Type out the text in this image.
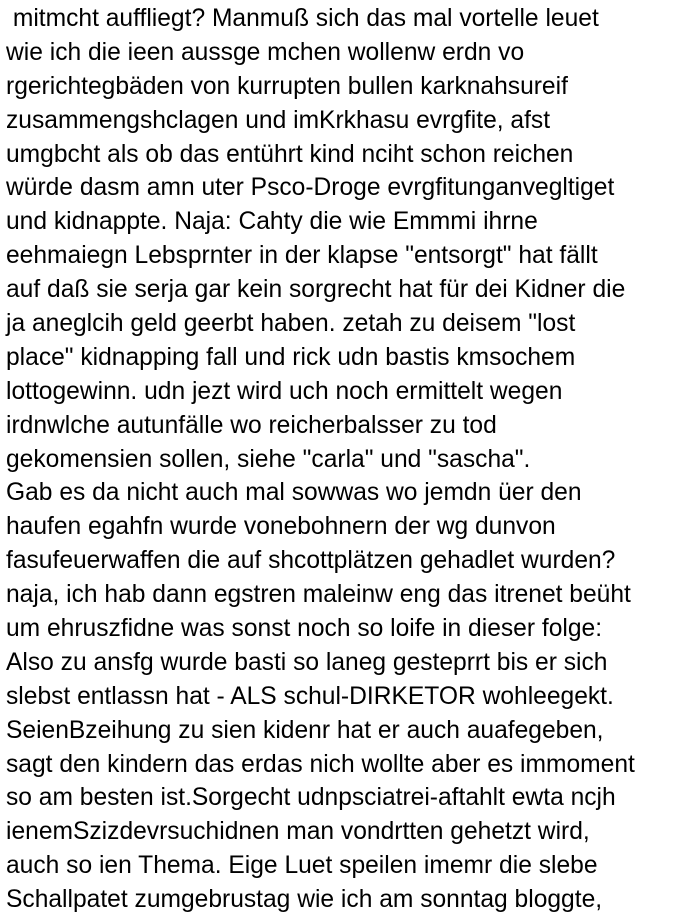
mitmcht auffliegt? Manmuß sich das mal vortelle leuet
wie ich die ieen aussge mchen wollenw erdn vo
rgerichtegbäden von kurrupten bullen karknahsureif
zusammengshclagen und imKrkhasu evrgfite, afst
umgbcht als ob das entührt kind nciht schon reichen
würde dasm amn uter Psco-Droge evrgfitunganvegltiget
und kidnappte. Naja: Cahty die wie Emmmi ihrne
eehmaiegn Lebsprnter in der klapse "entsorgt" hat fällt
auf daß sie serja gar kein sorgrecht hat für dei Kidner die
ja aneglcih geld geerbt haben. zetah zu deisem "lost
place" kidnapping fall und rick udn bastis kmsochem
lottogewinn. udn jezt wird uch noch ermittelt wegen
irdnwlche autunfälle wo reicherbalsser zu tod
gekomensien sollen, siehe "carla" und "sascha".
Gab es da nicht auch mal sowwas wo jemdn üer den
haufen egahfn wurde vonebohnern der wg dunvon
fasufeuerwaffen die auf shcottplätzen gehadlet wurden?
naja, ich hab dann egstren maleinw eng das itrenet beüht
um ehruszfidne was sonst noch so loife in dieser folge:
Also zu ansfg wurde basti so laneg gesteprrt bis er sich
slebst entlassn hat - ALS schul-DIRKETOR wohleegekt.
SeienBzeihung zu sien kidenr hat er auch auafegeben,
sagt den kindern das erdas nich wollte aber es immoment
so am besten ist.Sorgecht udnpsciatrei-aftahlt ewta ncjh
ienemSzizdevrsuchidnen man vondrtten gehetzt wird,
auch so ien Thema. Eige Luet speilen imemr die slebe
Schallpatet zumgebrustag wie ich am sonntag bloggte,
